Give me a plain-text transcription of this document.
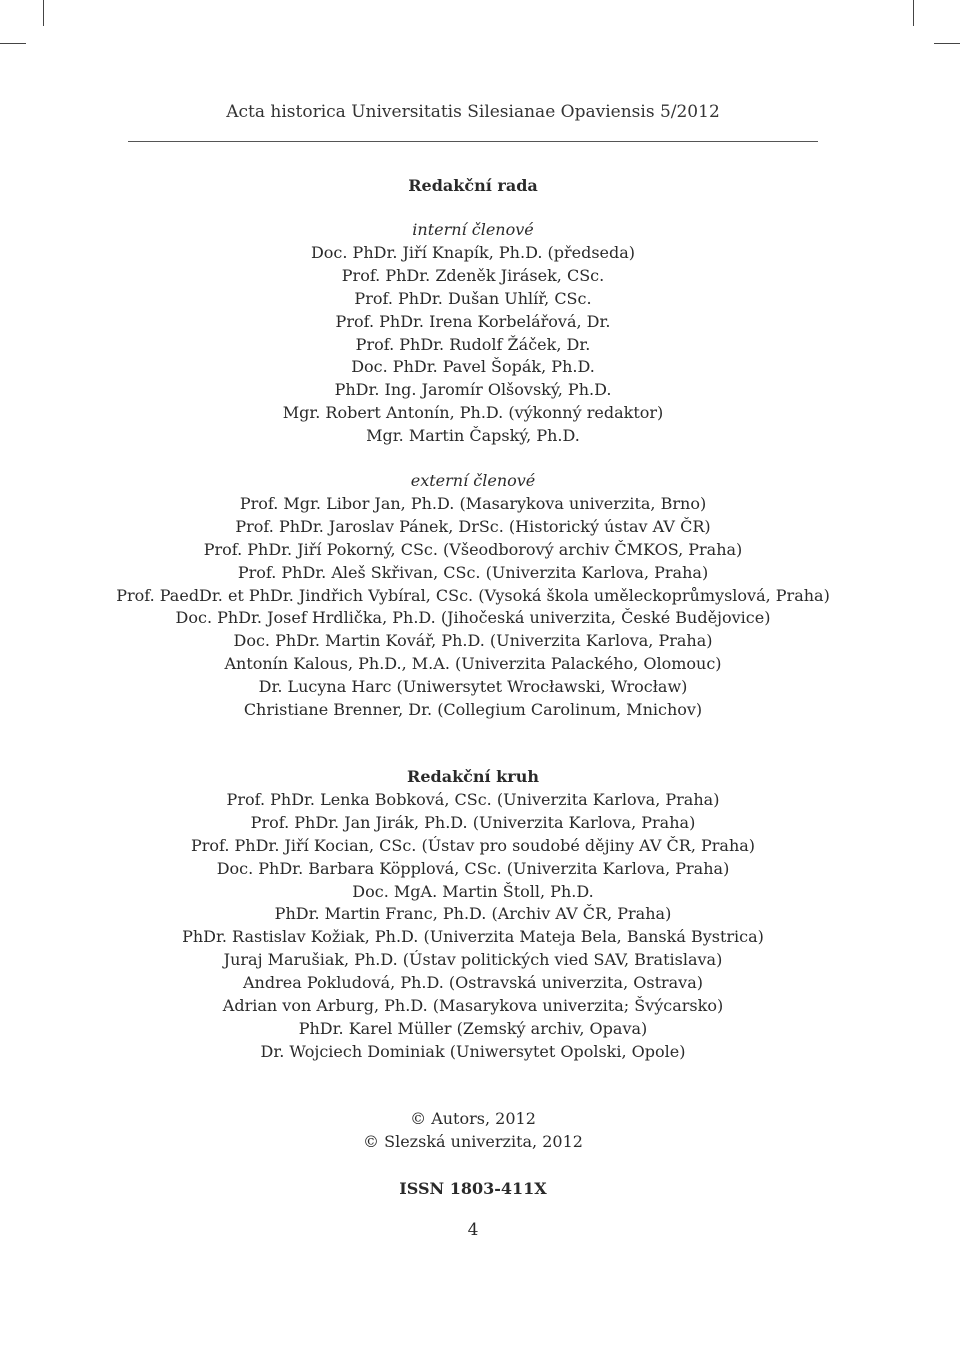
Acta historica Universitatis Silesianae Opaviensis 5/2012
Redakční rada
interní členové
Doc. PhDr. Jiří Knapík, Ph.D. (předseda)
Prof. PhDr. Zdeněk Jirásek, CSc.
Prof. PhDr. Dušan Uhlíř, CSc.
Prof. PhDr. Irena Korbelářová, Dr.
Prof. PhDr. Rudolf Žáček, Dr.
Doc. PhDr. Pavel Šopák, Ph.D.
PhDr. Ing. Jaromír Olšovský, Ph.D.
Mgr. Robert Antonín, Ph.D. (výkonný redaktor)
Mgr. Martin Čapský, Ph.D.
externí členové
Prof. Mgr. Libor Jan, Ph.D. (Masarykova univerzita, Brno)
Prof. PhDr. Jaroslav Pánek, DrSc. (Historický ústav AV ČR)
Prof. PhDr. Jiří Pokorný, CSc. (Všeodborový archiv ČMKOS, Praha)
Prof. PhDr. Aleš Skřivan, CSc. (Univerzita Karlova, Praha)
Prof. PaedDr. et PhDr. Jindřich Vybíral, CSc. (Vysoká škola uměleckoprůmyslová, Praha)
Doc. PhDr. Josef Hrdlička, Ph.D. (Jihočeská univerzita, České Budějovice)
Doc. PhDr. Martin Kovář, Ph.D. (Univerzita Karlova, Praha)
Antonín Kalous, Ph.D., M.A. (Univerzita Palackého, Olomouc)
Dr. Lucyna Harc (Uniwersytet Wrocławski, Wrocław)
Christiane Brenner, Dr. (Collegium Carolinum, Mnichov)
Redakční kruh
Prof. PhDr. Lenka Bobková, CSc. (Univerzita Karlova, Praha)
Prof. PhDr. Jan Jirák, Ph.D. (Univerzita Karlova, Praha)
Prof. PhDr. Jiří Kocian, CSc. (Ústav pro soudobé dějiny AV ČR, Praha)
Doc. PhDr. Barbara Köpplová, CSc. (Univerzita Karlova, Praha)
Doc. MgA. Martin Štoll, Ph.D.
PhDr. Martin Franc, Ph.D. (Archiv AV ČR, Praha)
PhDr. Rastislav Kožiak, Ph.D. (Univerzita Mateja Bela, Banská Bystrica)
Juraj Marušiak, Ph.D. (Ústav politických vied SAV, Bratislava)
Andrea Pokludová, Ph.D. (Ostravská univerzita, Ostrava)
Adrian von Arburg, Ph.D. (Masarykova univerzita; Švýcarsko)
PhDr. Karel Müller (Zemský archiv, Opava)
Dr. Wojciech Dominiak (Uniwersytet Opolski, Opole)
© Autors, 2012
© Slezská univerzita, 2012
ISSN 1803-411X
4
